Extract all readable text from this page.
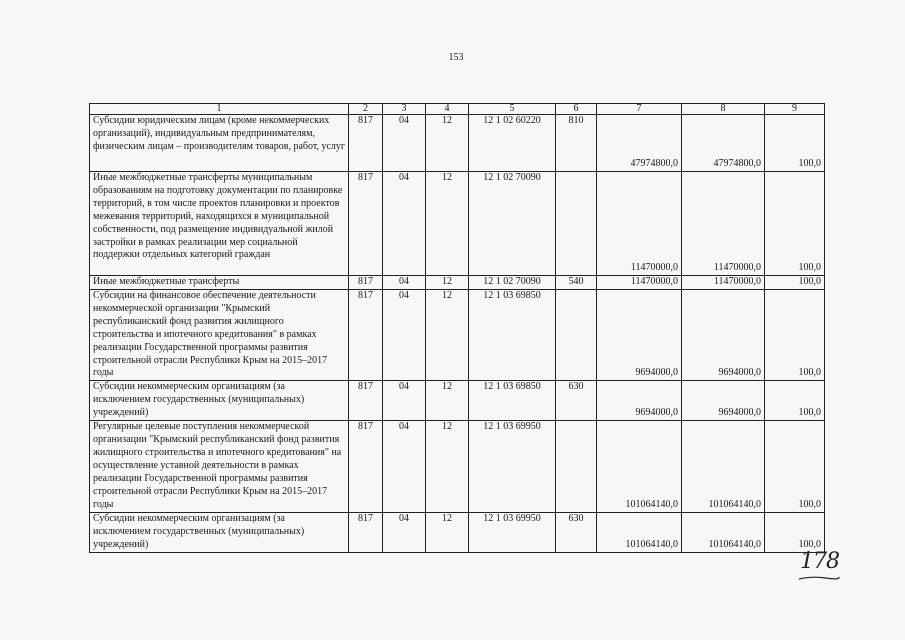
153
1	2	3	4	5	6	7	8	9
Субсидии юридическим лицам (кроме некоммерческих организаций), индивидуальным предпринимателям, физическим лицам – производителям товаров, работ, услуг	817	04	12	12 1 02 60220	810	47974800,0	47974800,0	100,0
Иные межбюджетные трансферты муниципальным образованиям на подготовку документации по планировке территорий, в том числе проектов планировки и проектов межевания территорий, находящихся в муниципальной собственности, под размещение индивидуальной жилой застройки в рамках реализации мер социальной поддержки отдельных категорий граждан	817	04	12	12 1 02 70090		11470000,0	11470000,0	100,0
Иные межбюджетные трансферты	817	04	12	12 1 02 70090	540	11470000,0	11470000,0	100,0
Субсидии на финансовое обеспечение деятельности некоммерческой организации "Крымский республиканский фонд развития жилищного строительства и ипотечного кредитования" в рамках реализации Государственной программы развития строительной отрасли Республики Крым на 2015–2017 годы	817	04	12	12 1 03 69850		9694000,0	9694000,0	100,0
Субсидии некоммерческим организациям (за исключением государственных (муниципальных) учреждений)	817	04	12	12 1 03 69850	630	9694000,0	9694000,0	100,0
Регулярные целевые поступления некоммерческой организации "Крымский республиканский фонд развития жилищного строительства и ипотечного кредитования" на осуществление уставной деятельности в рамках реализации Государственной программы развития строительной отрасли Республики Крым на 2015–2017 годы	817	04	12	12 1 03 69950		101064140,0	101064140,0	100,0
Субсидии некоммерческим организациям (за исключением государственных (муниципальных) учреждений)	817	04	12	12 1 03 69950	630	101064140,0	101064140,0	100,0
178
